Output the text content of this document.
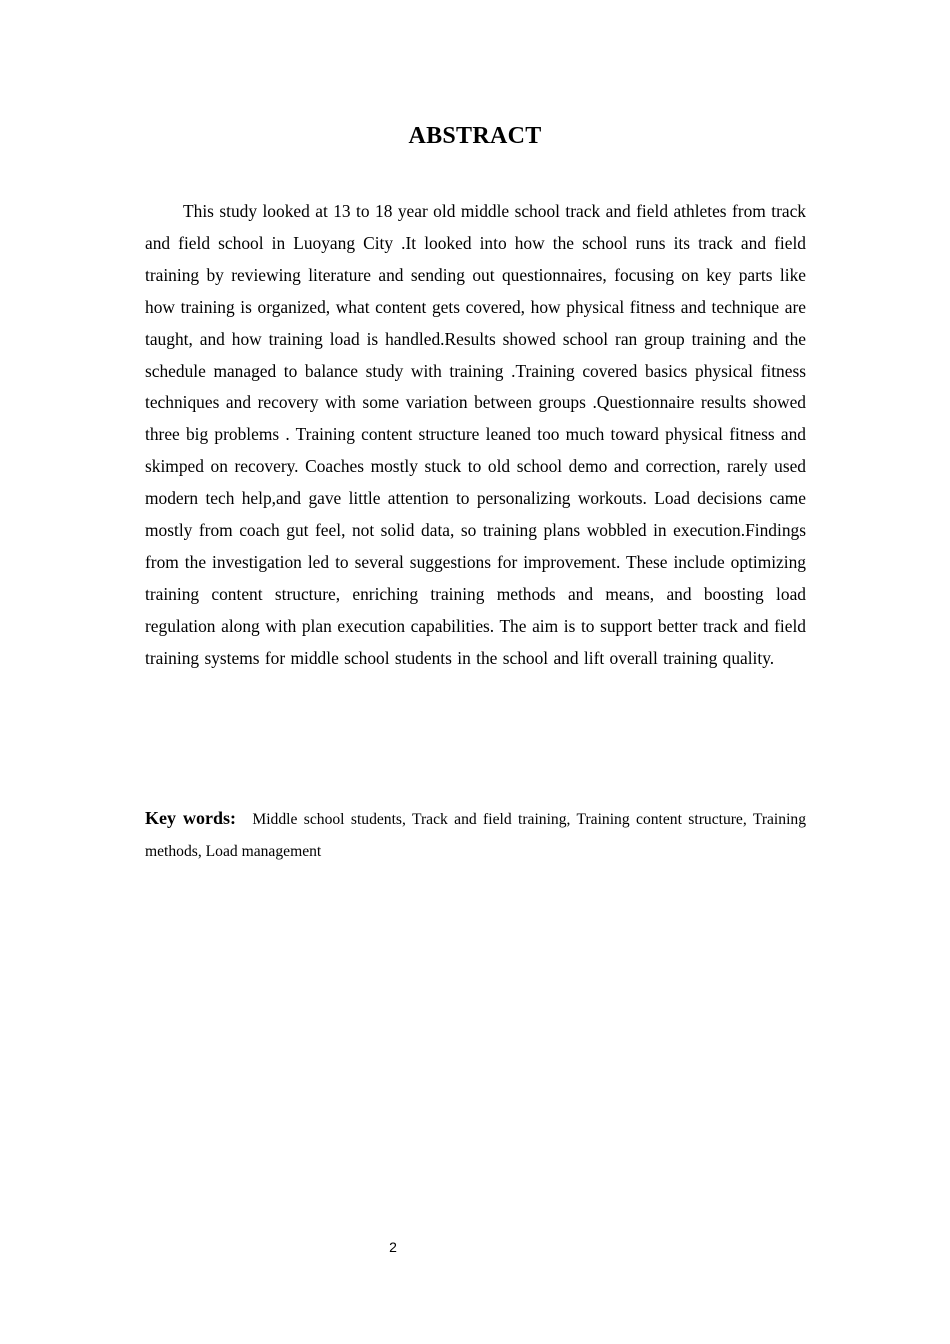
ABSTRACT

This study looked at 13 to 18 year old middle school track and field athletes from track and field school in Luoyang City .It looked into how the school runs its track and field training by reviewing literature and sending out questionnaires, focusing on key parts like how training is organized, what content gets covered, how physical fitness and technique are taught, and how training load is handled.Results showed school ran group training and the schedule managed to balance study with training .Training covered basics physical fitness techniques and recovery with some variation between groups .Questionnaire results showed three big problems . Training content structure leaned too much toward physical fitness and skimped on recovery. Coaches mostly stuck to old school demo and correction, rarely used modern tech help,and gave little attention to personalizing workouts. Load decisions came mostly from coach gut feel, not solid data, so training plans wobbled in execution.Findings from the investigation led to several suggestions for improvement. These include optimizing training content structure, enriching training methods and means, and boosting load regulation along with plan execution capabilities. The aim is to support better track and field training systems for middle school students in the school and lift overall training quality.

Key words: Middle school students, Track and field training, Training content structure, Training methods, Load management

2
